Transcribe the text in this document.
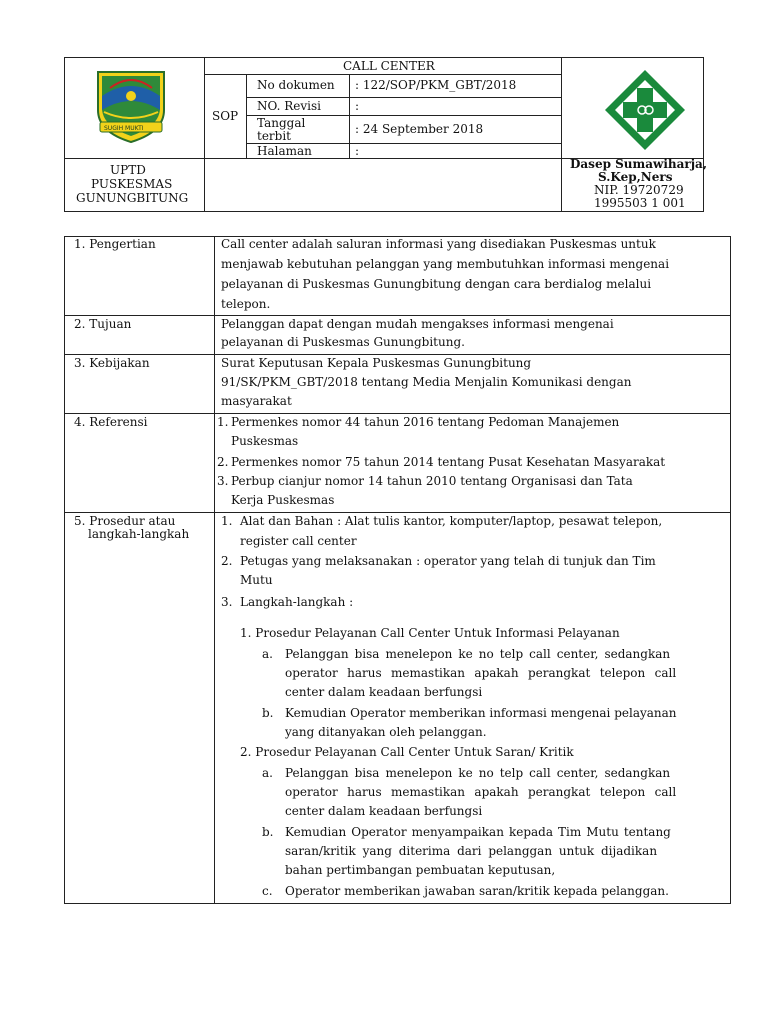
SUGIH MUKTI
CALL CENTER
SOP
No dokumen : 122/SOP/PKM_GBT/2018
NO. Revisi	:
Tanggal
terbit	: 24 September 2018
Halaman	:
UPTD
PUSKESMAS
GUNUNGBITUNG
Dasep Sumawiharja,
S.Kep,Ners
NIP. 19720729
1995503 1 001
1. Pengertian	Call center adalah saluran informasi yang disediakan Puskesmas untuk
menjawab kebutuhan pelanggan yang membutuhkan informasi mengenai
pelayanan di Puskesmas Gunungbitung dengan cara berdialog melalui
telepon.
2. Tujuan	Pelanggan dapat dengan mudah mengakses informasi mengenai
pelayanan di Puskesmas Gunungbitung.
3. Kebijakan	Surat Keputusan Kepala Puskesmas Gunungbitung
91/SK/PKM_GBT/2018 tentang Media Menjalin Komunikasi dengan
masyarakat
4. Referensi	1. Permenkes nomor 44 tahun 2016 tentang Pedoman Manajemen
Puskesmas
2. Permenkes nomor 75 tahun 2014 tentang Pusat Kesehatan Masyarakat
3. Perbup cianjur nomor 14 tahun 2010 tentang Organisasi dan Tata
Kerja Puskesmas
5. Prosedur atau
langkah-langkah
1. Alat dan Bahan : Alat tulis kantor, komputer/laptop, pesawat telepon,
register call center
2. Petugas yang melaksanakan : operator yang telah di tunjuk dan Tim
Mutu
3. Langkah-langkah :
1. Prosedur Pelayanan Call Center Untuk Informasi Pelayanan
a. Pelanggan bisa menelepon ke no telp call center, sedangkan
operator harus memastikan apakah perangkat telepon call
center dalam keadaan berfungsi
b. Kemudian Operator memberikan informasi mengenai pelayanan
yang ditanyakan oleh pelanggan.
2. Prosedur Pelayanan Call Center Untuk Saran/ Kritik
a. Pelanggan bisa menelepon ke no telp call center, sedangkan
operator harus memastikan apakah perangkat telepon call
center dalam keadaan berfungsi
b. Kemudian Operator menyampaikan kepada Tim Mutu tentang
saran/kritik yang diterima dari pelanggan untuk dijadikan
bahan pertimbangan pembuatan keputusan,
c. Operator memberikan jawaban saran/kritik kepada pelanggan.
